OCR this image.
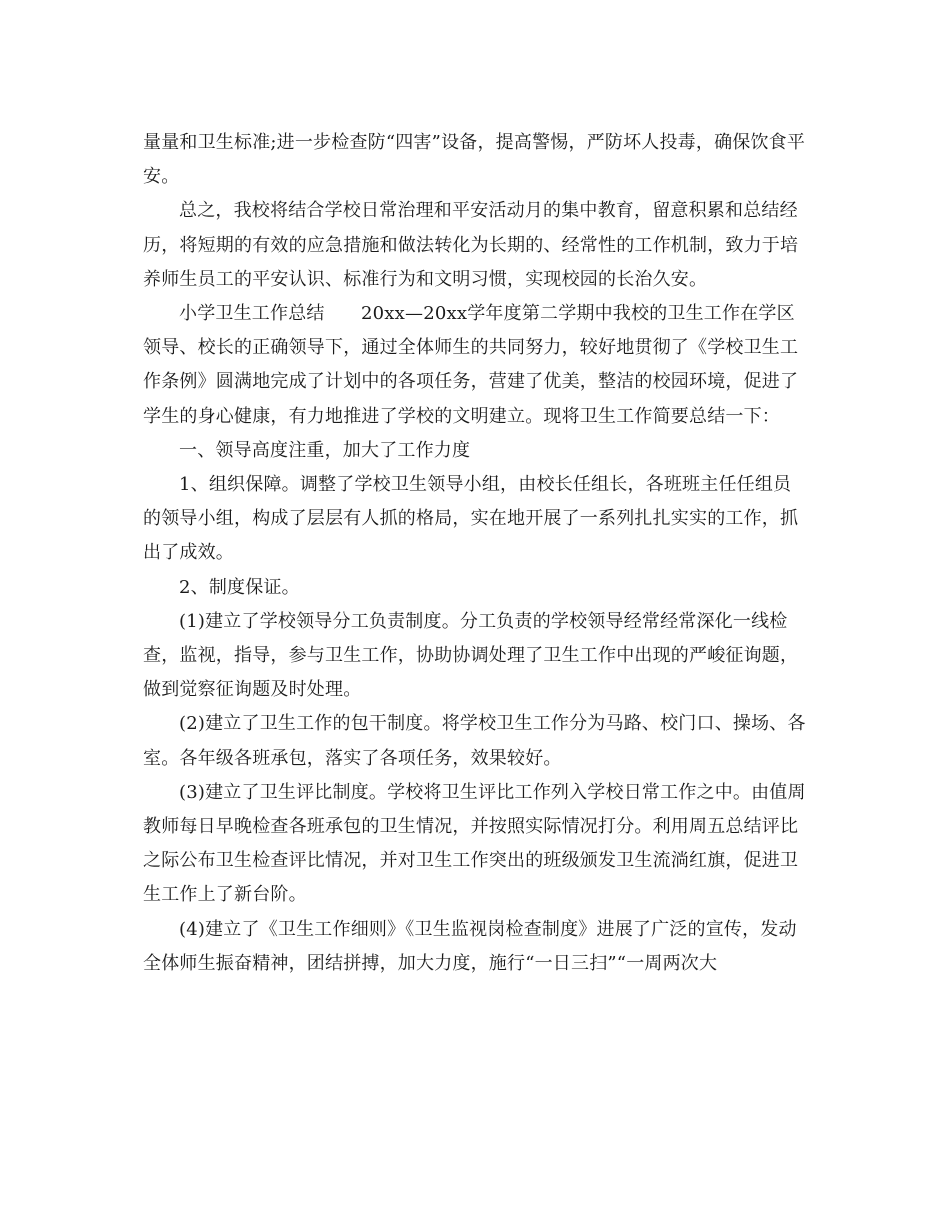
量量和卫生标准;进一步检查防“四害”设备，提高警惕，严防坏人投毒，确保饮食平安。

总之，我校将结合学校日常治理和平安活动月的集中教育，留意积累和总结经历，将短期的有效的应急措施和做法转化为长期的、经常性的工作机制，致力于培养师生员工的平安认识、标准行为和文明习惯，实现校园的长治久安。

小学卫生工作总结　　20xx—20xx学年度第二学期中我校的卫生工作在学区领导、校长的正确领导下，通过全体师生的共同努力，较好地贯彻了《学校卫生工作条例》圆满地完成了计划中的各项任务，营建了优美，整洁的校园环境，促进了学生的身心健康，有力地推进了学校的文明建立。现将卫生工作简要总结一下：

一、领导高度注重，加大了工作力度

1、组织保障。调整了学校卫生领导小组，由校长任组长，各班班主任任组员的领导小组，构成了层层有人抓的格局，实在地开展了一系列扎扎实实的工作，抓出了成效。

2、制度保证。

(1)建立了学校领导分工负责制度。分工负责的学校领导经常经常深化一线检查，监视，指导，参与卫生工作，协助协调处理了卫生工作中出现的严峻征询题，做到觉察征询题及时处理。

(2)建立了卫生工作的包干制度。将学校卫生工作分为马路、校门口、操场、各室。各年级各班承包，落实了各项任务，效果较好。

(3)建立了卫生评比制度。学校将卫生评比工作列入学校日常工作之中。由值周教师每日早晚检查各班承包的卫生情况，并按照实际情况打分。利用周五总结评比之际公布卫生检查评比情况，并对卫生工作突出的班级颁发卫生流淌红旗，促进卫生工作上了新台阶。

(4)建立了《卫生工作细则》《卫生监视岗检查制度》进展了广泛的宣传，发动全体师生振奋精神，团结拼搏，加大力度，施行“一日三扫”“一周两次大
